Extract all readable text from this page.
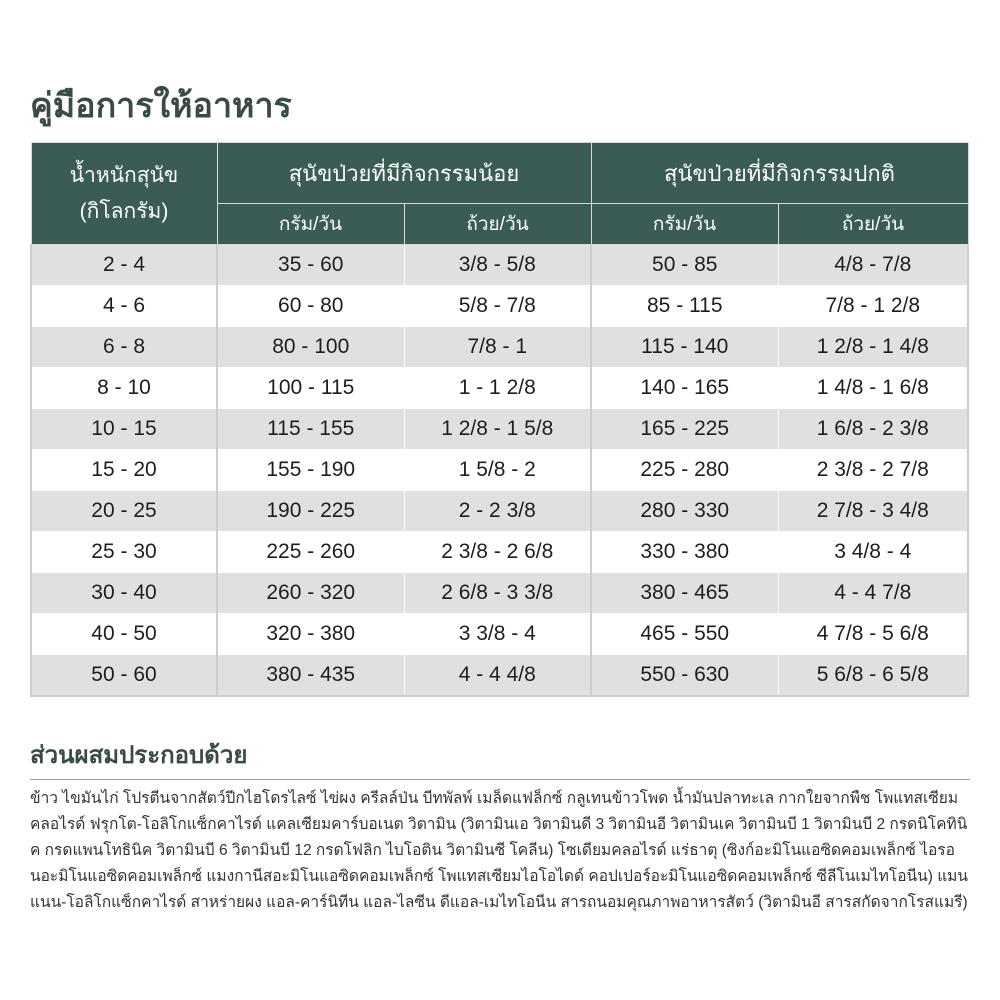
คู่มือการให้อาหาร
น้ำหนักสุนัข
(กิโลกรัม)	สุนัขป่วยที่มีกิจกรรมน้อย		สุนัขป่วยที่มีกิจกรรมปกติ	
	กรัม/วัน	ถ้วย/วัน	กรัม/วัน	ถ้วย/วัน
2 - 4	35 - 60	3/8 - 5/8	50 - 85	4/8 - 7/8
4 - 6	60 - 80	5/8 - 7/8	85 - 115	7/8 - 1 2/8
6 - 8	80 - 100	7/8 - 1	115 - 140	1 2/8 - 1 4/8
8 - 10	100 - 115	1 - 1 2/8	140 - 165	1 4/8 - 1 6/8
10 - 15	115 - 155	1 2/8 - 1 5/8	165 - 225	1 6/8 - 2 3/8
15 - 20	155 - 190	1 5/8 - 2	225 - 280	2 3/8 - 2 7/8
20 - 25	190 - 225	2 - 2 3/8	280 - 330	2 7/8 - 3 4/8
25 - 30	225 - 260	2 3/8 - 2 6/8	330 - 380	3 4/8 - 4
30 - 40	260 - 320	2 6/8 - 3 3/8	380 - 465	4 - 4 7/8
40 - 50	320 - 380	3 3/8 - 4	465 - 550	4 7/8 - 5 6/8
50 - 60	380 - 435	4 - 4 4/8	550 - 630	5 6/8 - 6 5/8
ส่วนผสมประกอบด้วย

ข้าว ไขมันไก่ โปรตีนจากสัตว์ปีกไฮโดรไลซ์ ไข่ผง ครีลล์ป่น บีทพัลพ์ เมล็ดแฟล็กซ์ กลูเทนข้าวโพด น้ำมันปลาทะเล กากใยจากพืช โพแทสเซียมคลอไรด์ ฟรุกโต-โอลิโกแซ็กคาไรด์ แคลเซียมคาร์บอเนต วิตามิน (วิตามินเอ วิตามินดี 3 วิตามินอี วิตามินเค วิตามินบี 1 วิตามินบี 2 กรดนิโคทินิค กรดแพนโทธินิค วิตามินบี 6 วิตามินบี 12 กรดโฟลิก ไบโอติน วิตามินซี โคลีน) โซเดียมคลอไรด์ แร่ธาตุ (ซิงก์อะมิโนแอซิดคอมเพล็กซ์ ไอรอนอะมิโนแอซิดคอมเพล็กซ์ แมงกานีสอะมิโนแอซิดคอมเพล็กซ์ โพแทสเซียมไอโอไดด์ คอปเปอร์อะมิโนแอซิดคอมเพล็กซ์ ซีลีโนเมไทโอนีน) แมนแนน-โอลิโกแซ็กคาไรด์ สาหร่ายผง แอล-คาร์นิทีน แอล-ไลซีน ดีแอล-เมไทโอนีน สารถนอมคุณภาพอาหารสัตว์ (วิตามินอี สารสกัดจากโรสแมรี)
